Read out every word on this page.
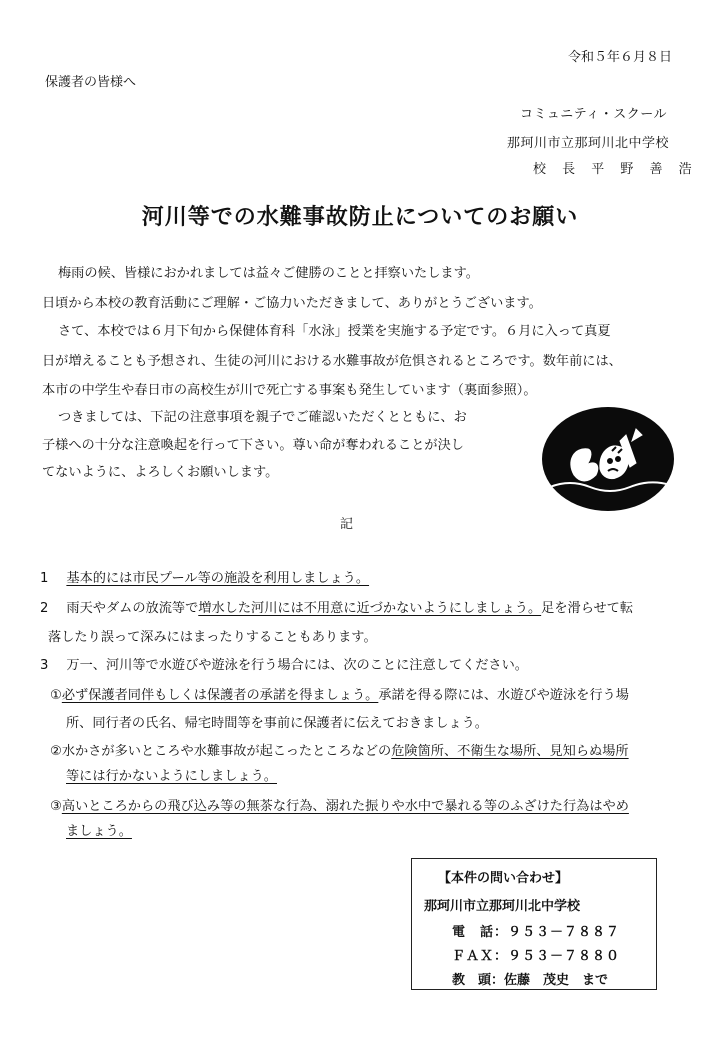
令和５年６月８日
保護者の皆様へ
コミュニティ・スクール
那珂川市立那珂川北中学校
校 長 平 野 善 浩
河川等での水難事故防止についてのお願い
梅雨の候、皆様におかれましては益々ご健勝のことと拝察いたします。
日頃から本校の教育活動にご理解・ご協力いただきまして、ありがとうございます。
さて、本校では６月下旬から保健体育科「水泳」授業を実施する予定です。６月に入って真夏
日が増えることも予想され、生徒の河川における水難事故が危惧されるところです。数年前には、
本市の中学生や春日市の高校生が川で死亡する事案も発生しています（裏面参照）。
つきましては、下記の注意事項を親子でご確認いただくとともに、お
子様への十分な注意喚起を行って下さい。尊い命が奪われることが決し
てないように、よろしくお願いします。
記
1 基本的には市民プール等の施設を利用しましょう。
2 雨天やダムの放流等で増水した河川には不用意に近づかないようにしましょう。足を滑らせて転
落したり誤って深みにはまったりすることもあります。
3 万一、河川等で水遊びや遊泳を行う場合には、次のことに注意してください。
①必ず保護者同伴もしくは保護者の承諾を得ましょう。承諾を得る際には、水遊びや遊泳を行う場
所、同行者の氏名、帰宅時間等を事前に保護者に伝えておきましょう。
②水かさが多いところや水難事故が起こったところなどの危険箇所、不衛生な場所、見知らぬ場所
等には行かないようにしましょう。
③高いところからの飛び込み等の無茶な行為、溺れた振りや水中で暴れる等のふざけた行為はやめ
ましょう。
【本件の問い合わせ】
那珂川市立那珂川北中学校
電　話：９５３－７８８７
ＦＡＸ：９５３－７８８０
教　頭：佐藤　茂史　まで
